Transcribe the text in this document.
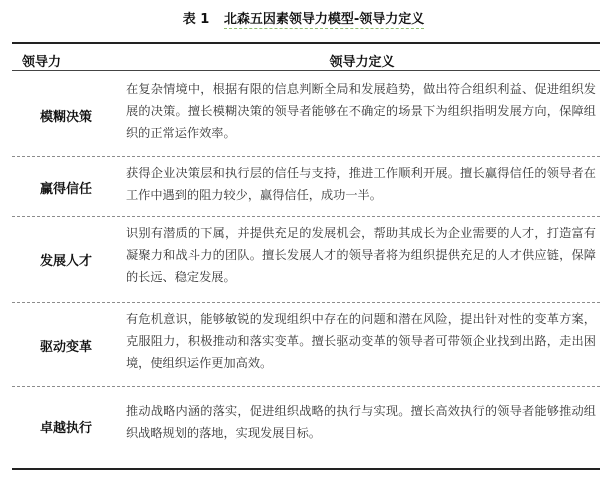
表 1 北森五因素领导力模型-领导力定义
领导力	领导力定义
模糊决策
在复杂情境中，根据有限的信息判断全局和发展趋势，做出符合组织利益、促进组织发展的决策。擅长模糊决策的领导者能够在不确定的场景下为组织指明发展方向，保障组织的正常运作效率。
赢得信任
获得企业决策层和执行层的信任与支持，推进工作顺利开展。擅长赢得信任的领导者在工作中遇到的阻力较少，赢得信任，成功一半。
发展人才
识别有潜质的下属，并提供充足的发展机会，帮助其成长为企业需要的人才，打造富有凝聚力和战斗力的团队。擅长发展人才的领导者将为组织提供充足的人才供应链，保障的长远、稳定发展。
驱动变革
有危机意识，能够敏锐的发现组织中存在的问题和潜在风险，提出针对性的变革方案，克服阻力，积极推动和落实变革。擅长驱动变革的领导者可带领企业找到出路，走出困境，使组织运作更加高效。
卓越执行
推动战略内涵的落实，促进组织战略的执行与实现。擅长高效执行的领导者能够推动组织战略规划的落地，实现发展目标。
